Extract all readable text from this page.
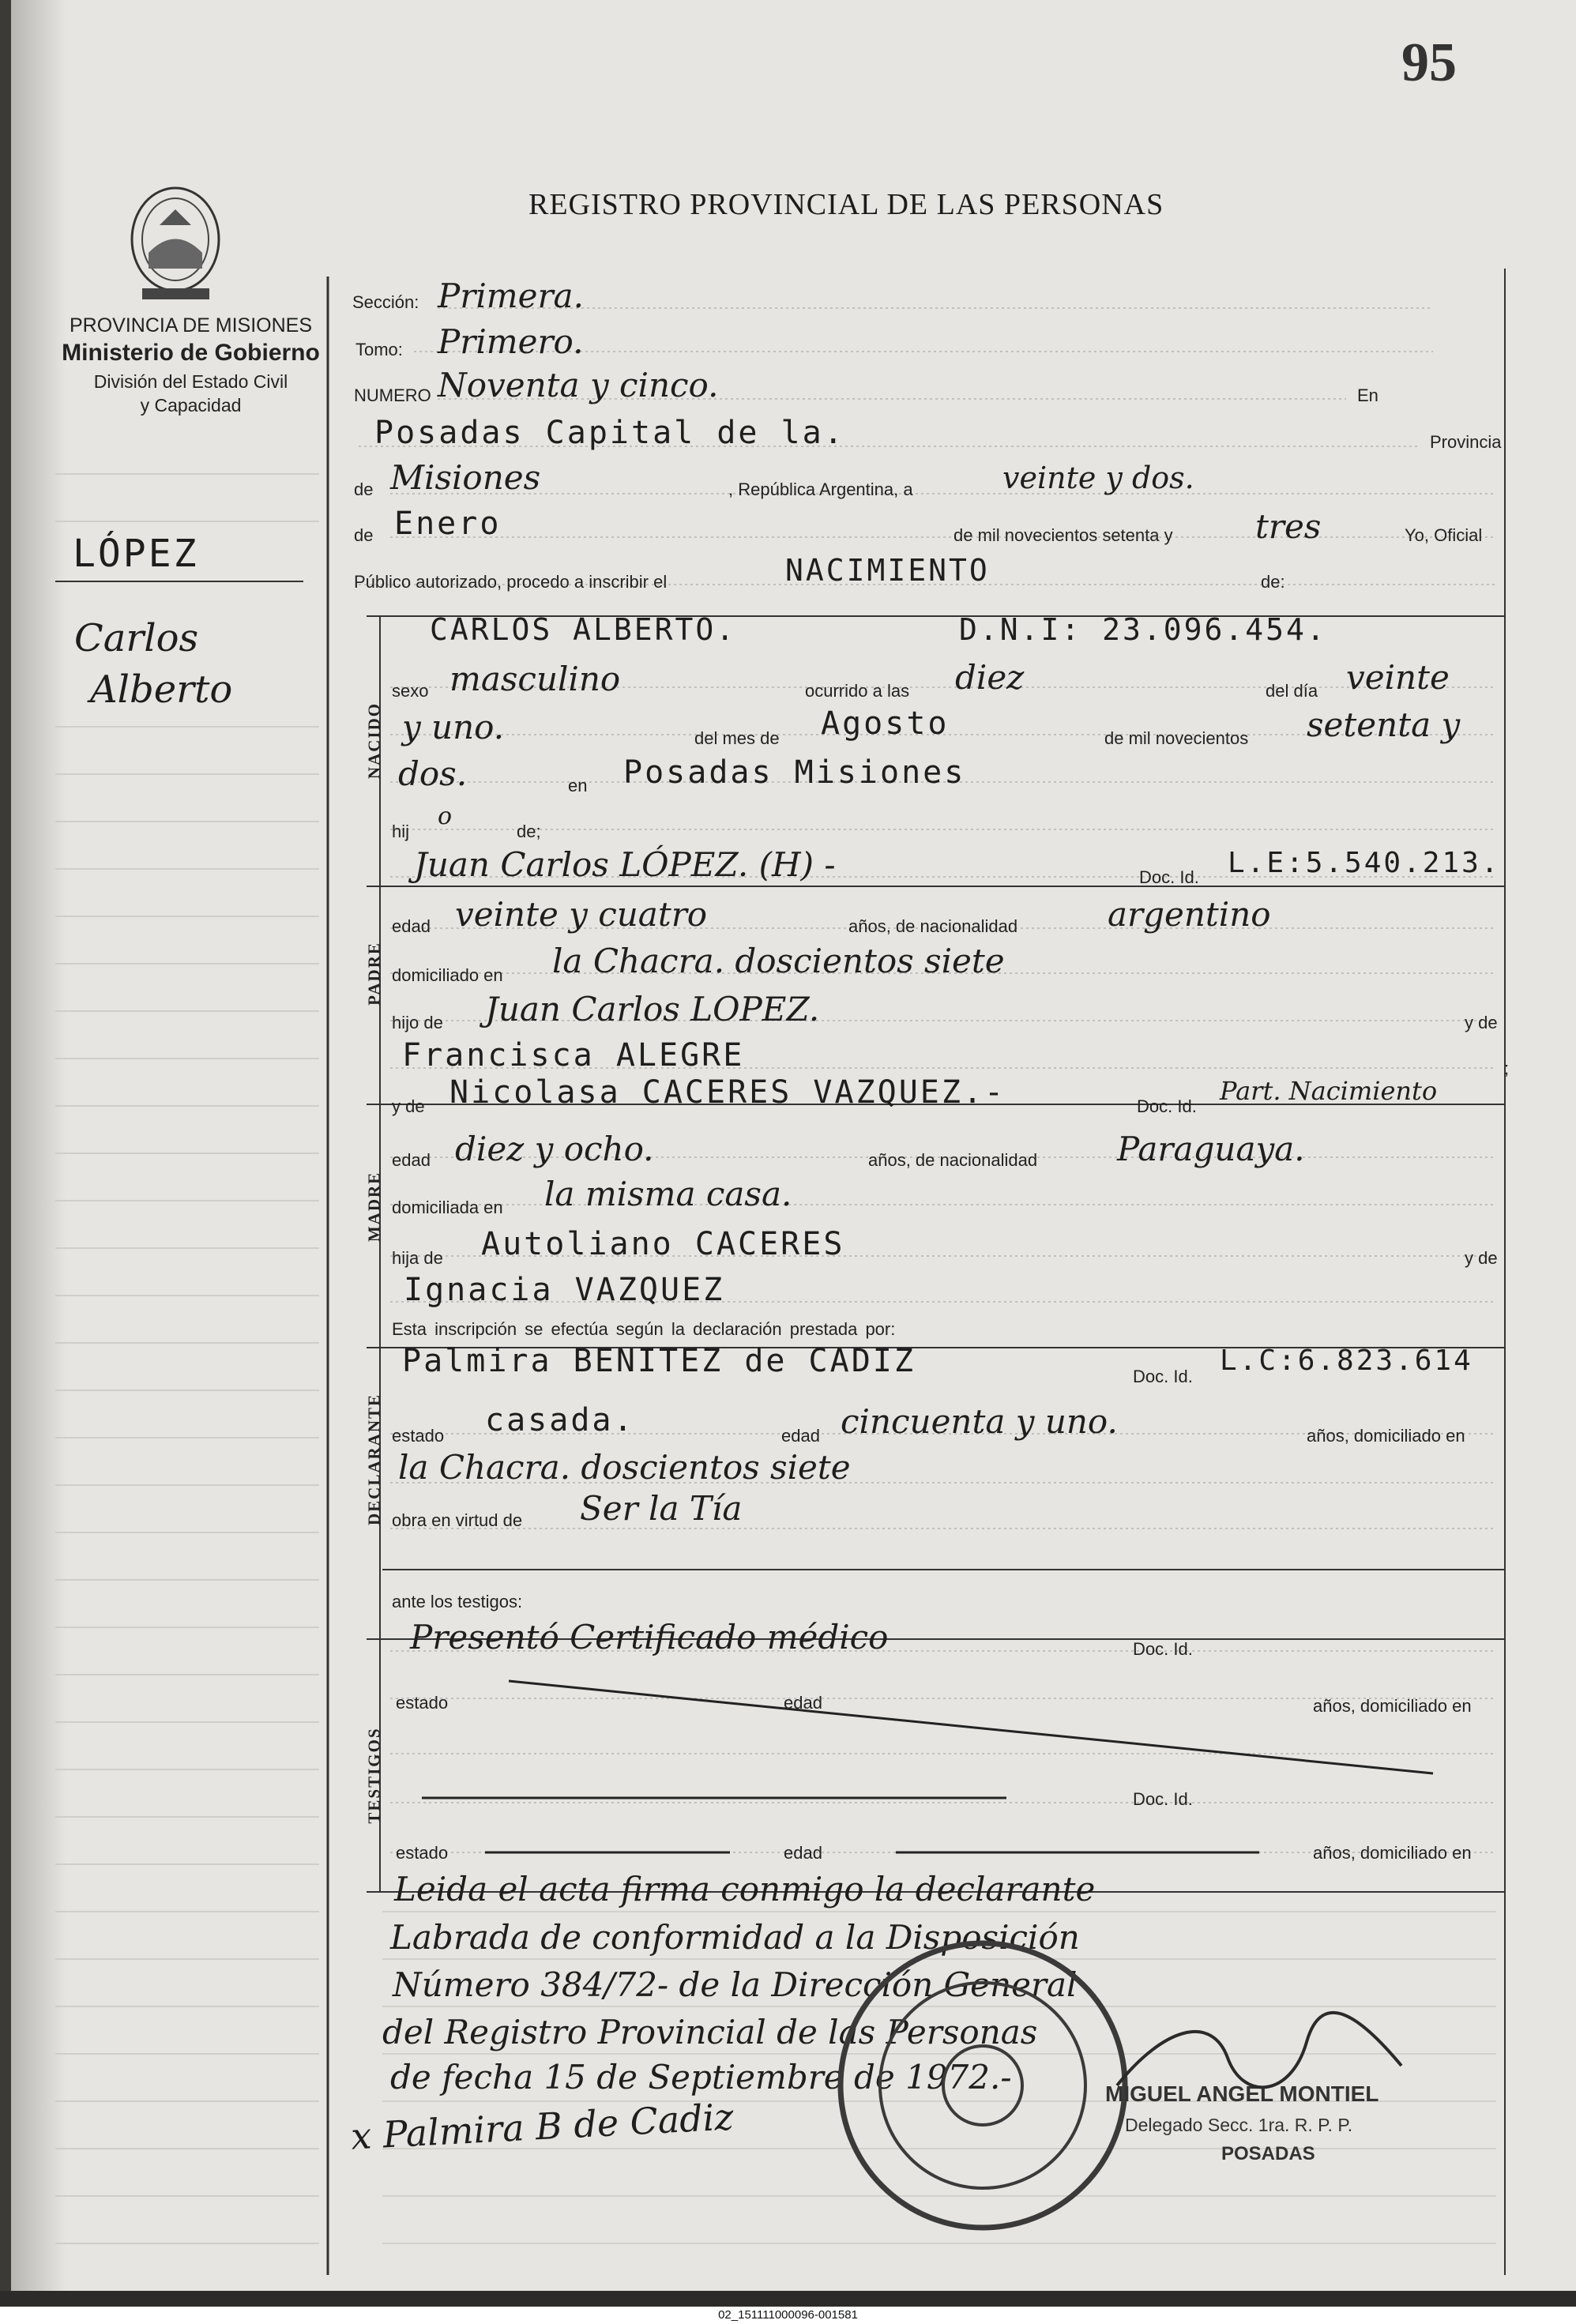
95
REGISTRO PROVINCIAL DE LAS PERSONAS
PROVINCIA DE MISIONES
Ministerio de Gobierno
División del Estado Civil
y Capacidad
LÓPEZ
Carlos
Alberto
Sección: Primera.
Tomo: Primero.
NUMERO Noventa y cinco.	En
Posadas Capital de la.	Provincia
de Misiones	, República Argentina, a	veinte y dos.
de Enero	de mil novecientos setenta y tres	Yo, Oficial
Público autorizado, procedo a inscribir el	NACIMIENTO	de:
NACIDO
CARLOS ALBERTO.	D.N.I: 23.096.454.
sexo masculino	ocurrido a las diez	del día veinte
y uno.	del mes de Agosto	de mil novecientos setenta y
dos.	en Posadas Misiones
hij
o
de;
PADRE
Juan Carlos LÓPEZ. (H) -	Doc. Id. L.E:5.540.213.
edad veinte y cuatro	años, de nacionalidad	argentino
domiciliado en la Chacra. doscientos siete
hijo de Juan Carlos LOPEZ.	y de
Francisca ALEGRE	;
MADRE
y de Nicolasa CACERES VAZQUEZ.-	Doc. Id.
Part. Nacimiento
edad diez y ocho.	años, de nacionalidad Paraguaya.
domiciliada en la misma casa.
hija de Autoliano CACERES	y de
Ignacia VAZQUEZ
DECLARANTE
Esta inscripción se efectúa según la declaración prestada por:
Palmira BENITEZ de CADIZ	Doc. Id. L.C:6.823.614
estado casada.	edad cincuenta y uno.	años, domiciliado en
la Chacra. doscientos siete
obra en virtud de Ser la Tía
TESTIGOS
ante los testigos:
Presentó Certificado médico	Doc. Id.
estado	edad	años, domiciliado en
Doc. Id.
estado	edad	años, domiciliado en
Leida el acta firma conmigo la declarante
Labrada de conformidad a la Disposición
Número 384/72- de la Dirección General
del Registro Provincial de las Personas
de fecha 15 de Septiembre de 1972.-
x Palmira B de Cadiz
MIGUEL ANGEL MONTIEL
Delegado Secc. 1ra. R. P. P.
POSADAS
02_151111000096-001581
